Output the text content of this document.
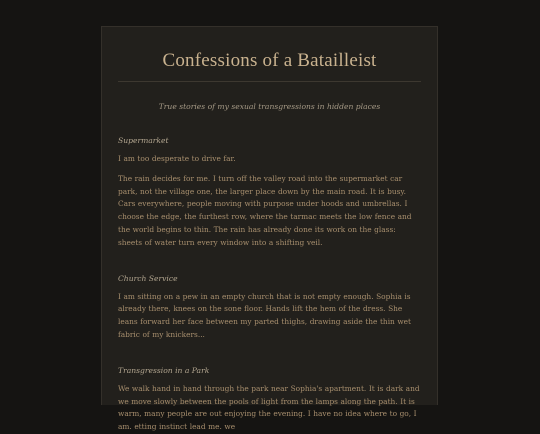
Confessions of a Batailleist

True stories of my sexual transgressions in hidden places

Supermarket

I am too desperate to drive far.

The rain decides for me. I turn off the valley road into the supermarket car park, not the village one, the larger place down by the main road. It is busy. Cars everywhere, people moving with purpose under hoods and umbrellas. I choose the edge, the furthest row, where the tarmac meets the low fence and the world begins to thin. The rain has already done its work on the glass: sheets of water turn every window into a shifting veil.

Church Service

I am sitting on a pew in an empty church that is not empty enough. Sophia is already there, knees on the sone floor. Hands lift the hem of the dress. She leans forward her face between my parted thighs, drawing aside the thin wet fabric of my knickers...

Transgression in a Park

We walk hand in hand through the park near Sophia's apartment. It is dark and we move slowly between the pools of light from the lamps along the path. It is warm, many people are out enjoying the evening. I have no idea where to go, I am. etting instinct lead me. we
